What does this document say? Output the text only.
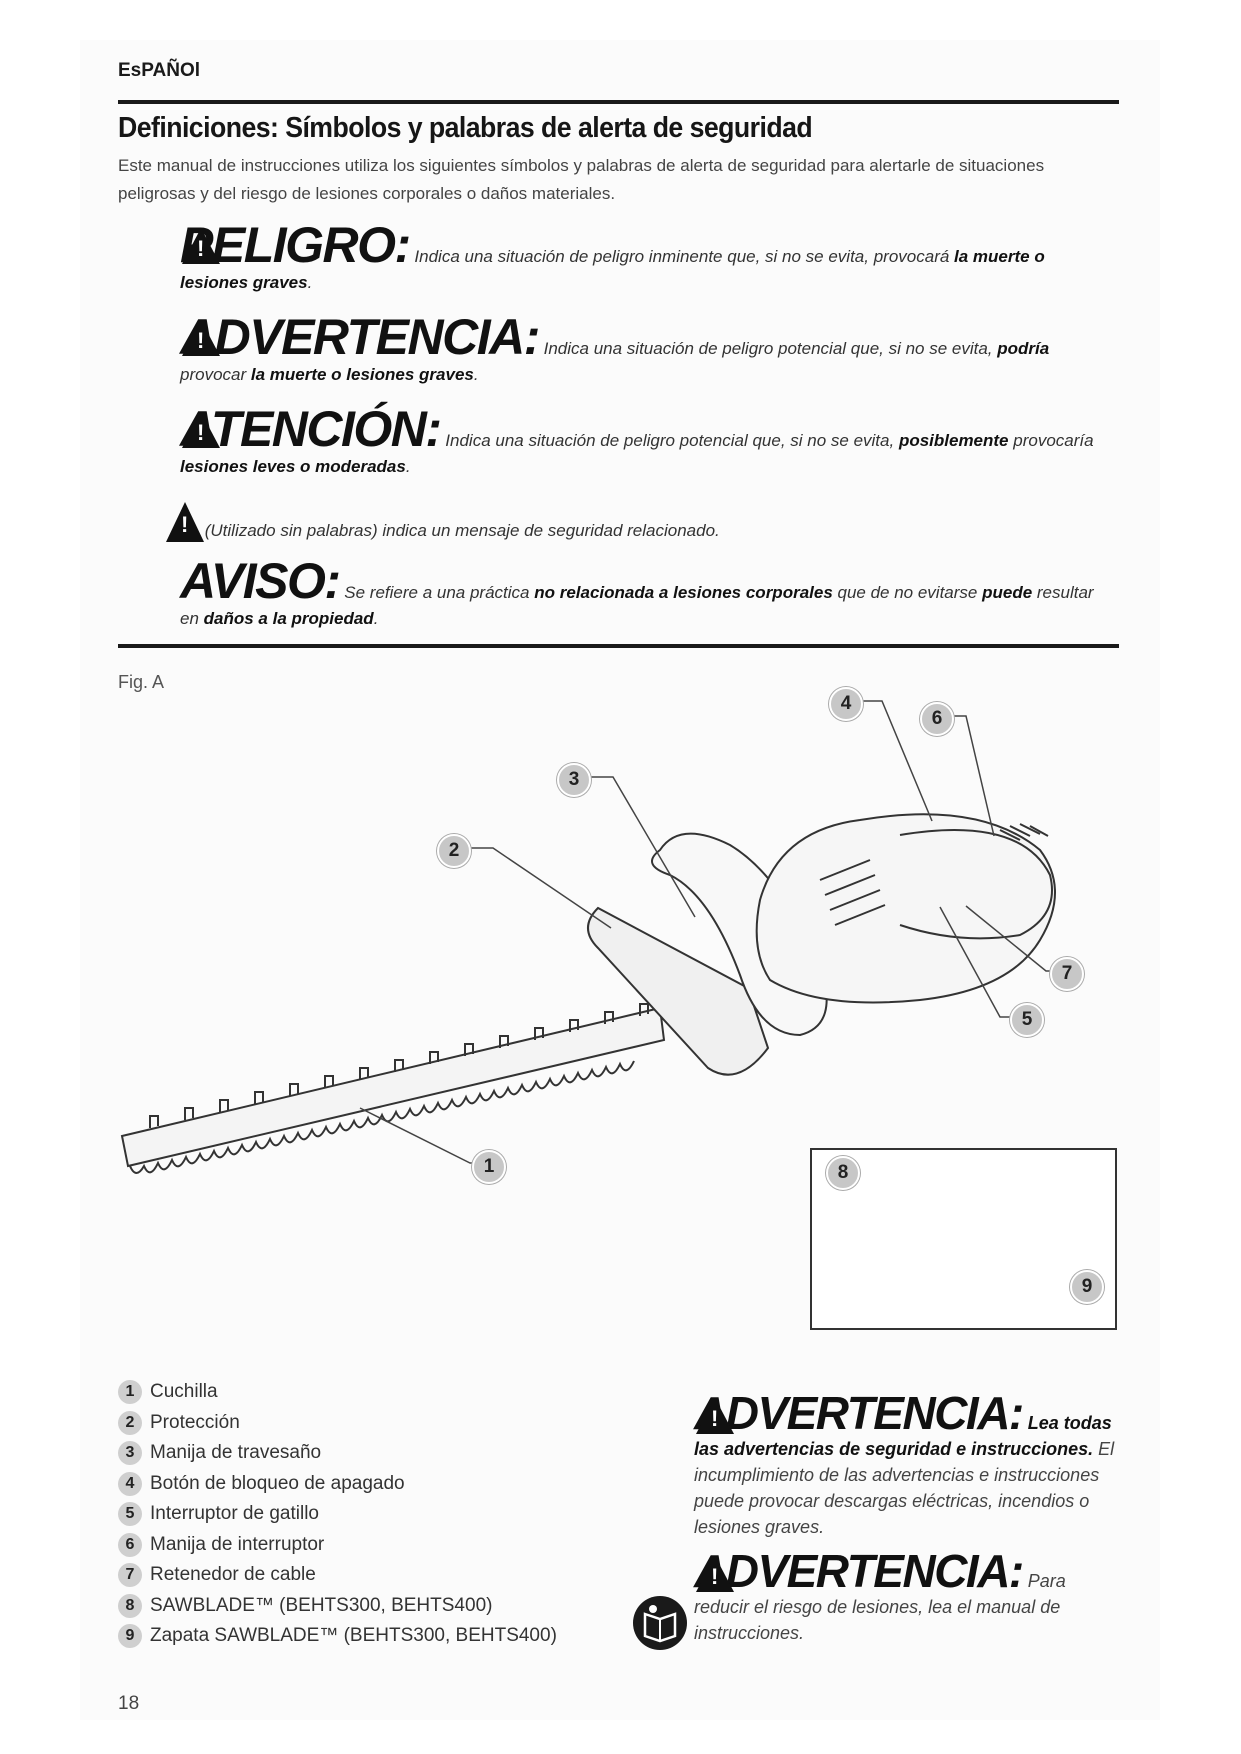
EsPAÑOl
Definiciones: Símbolos y palabras de alerta de seguridad
Este manual de instrucciones utiliza los siguientes símbolos y palabras de alerta de seguridad para alertarle de situaciones peligrosas y del riesgo de lesiones corporales o daños materiales.
!
PELIGRO: Indica una situación de peligro inminente que, si no se evita, provocará la muerte o lesiones graves.
!
ADVERTENCIA: Indica una situación de peligro potencial que, si no se evita, podría provocar la muerte o lesiones graves.
!
ATENCIÓN: Indica una situación de peligro potencial que, si no se evita, posiblemente provocaría lesiones leves o moderadas.
! (Utilizado sin palabras) indica un mensaje de seguridad relacionado.
AVISO: Se refiere a una práctica no relacionada a lesiones corporales que de no evitarse puede resultar en daños a la propiedad.
Fig. A
1
2
3
4
5
6
7
8
9
1 Cuchilla
2 Protección
3 Manija de travesaño
4 Botón de bloqueo de apagado
5 Interruptor de gatillo
6 Manija de interruptor
7 Retenedor de cable
8 SAWBLADE™ (BEHTS300, BEHTS400)
9 Zapata SAWBLADE™ (BEHTS300, BEHTS400)
!
ADVERTENCIA: Lea todas las advertencias de seguridad e instrucciones. El incumplimiento de las advertencias e instrucciones puede provocar descargas eléctricas, incendios o lesiones graves.
!
ADVERTENCIA: Para reducir el riesgo de lesiones, lea el manual de instrucciones.
18
